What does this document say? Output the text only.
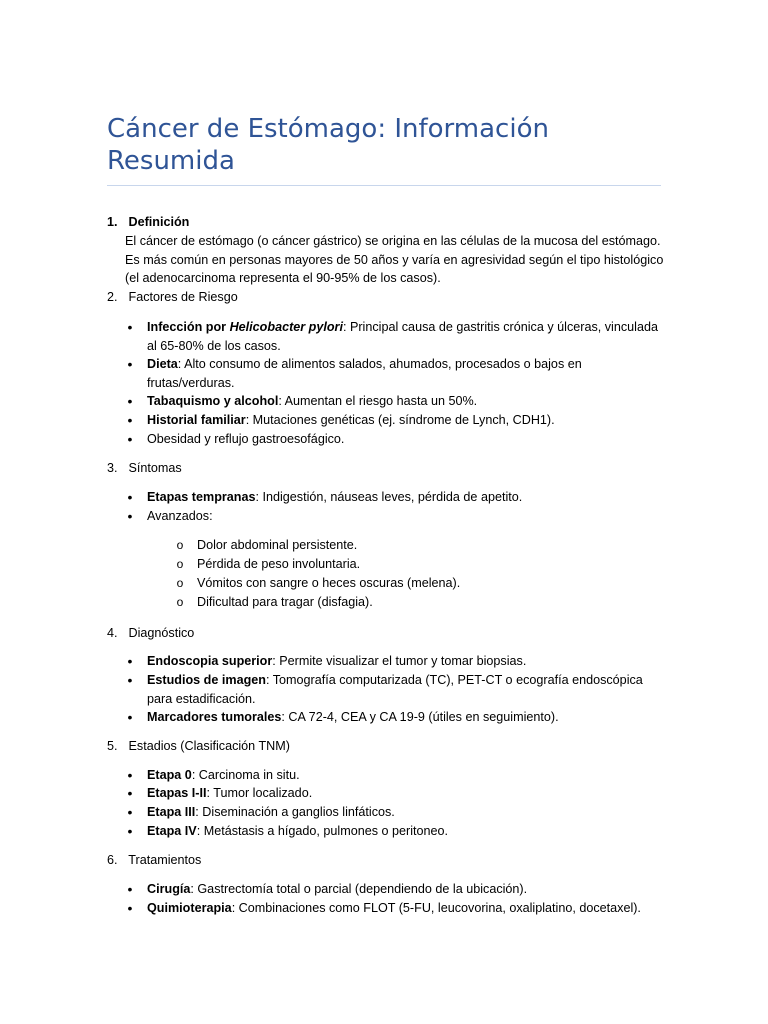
Cáncer de Estómago: Información Resumida
1. Definición
El cáncer de estómago (o cáncer gástrico) se origina en las células de la mucosa del estómago. Es más común en personas mayores de 50 años y varía en agresividad según el tipo histológico (el adenocarcinoma representa el 90-95% de los casos).
2. Factores de Riesgo
• Infección por Helicobacter pylori: Principal causa de gastritis crónica y úlceras, vinculada al 65-80% de los casos.
• Dieta: Alto consumo de alimentos salados, ahumados, procesados o bajos en frutas/verduras.
• Tabaquismo y alcohol: Aumentan el riesgo hasta un 50%.
• Historial familiar: Mutaciones genéticas (ej. síndrome de Lynch, CDH1).
• Obesidad y reflujo gastroesofágico.
3. Síntomas
• Etapas tempranas: Indigestión, náuseas leves, pérdida de apetito.
• Avanzados:
o Dolor abdominal persistente.
o Pérdida de peso involuntaria.
o Vómitos con sangre o heces oscuras (melena).
o Dificultad para tragar (disfagia).
4. Diagnóstico
• Endoscopia superior: Permite visualizar el tumor y tomar biopsias.
• Estudios de imagen: Tomografía computarizada (TC), PET-CT o ecografía endoscópica para estadificación.
• Marcadores tumorales: CA 72-4, CEA y CA 19-9 (útiles en seguimiento).
5. Estadios (Clasificación TNM)
• Etapa 0: Carcinoma in situ.
• Etapas I-II: Tumor localizado.
• Etapa III: Diseminación a ganglios linfáticos.
• Etapa IV: Metástasis a hígado, pulmones o peritoneo.
6. Tratamientos
• Cirugía: Gastrectomía total o parcial (dependiendo de la ubicación).
• Quimioterapia: Combinaciones como FLOT (5-FU, leucovorina, oxaliplatino, docetaxel).
